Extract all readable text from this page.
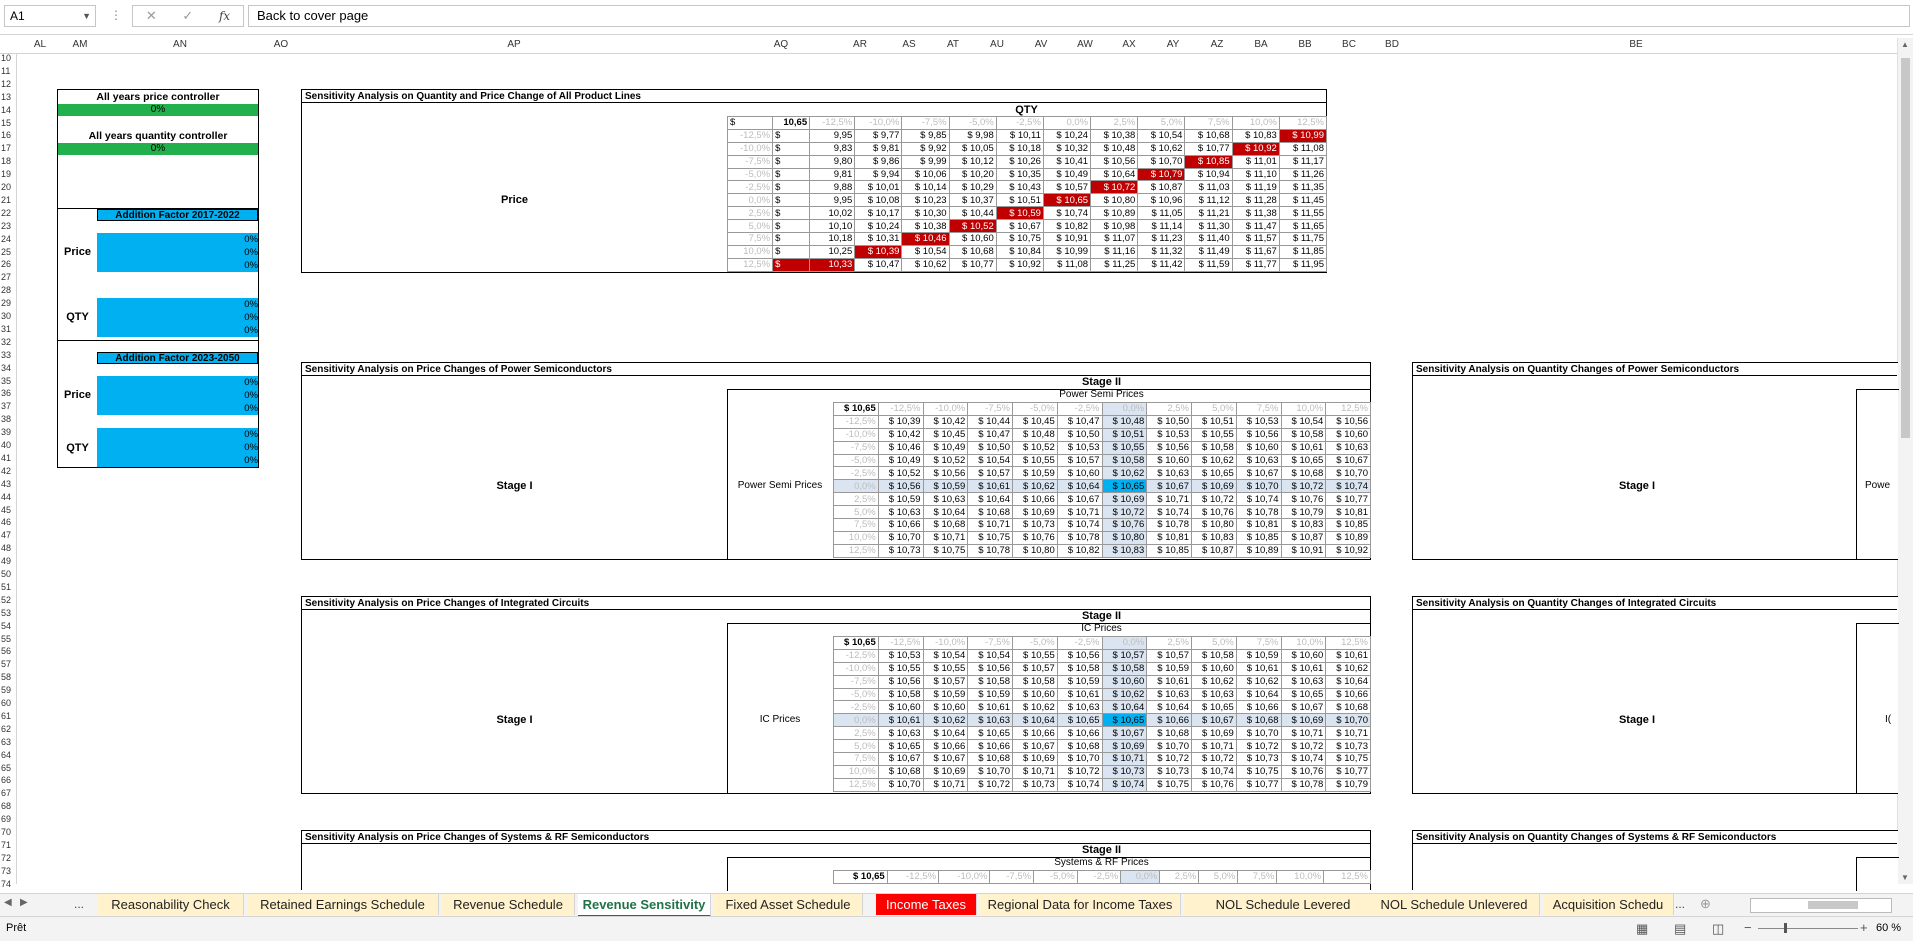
A1	▼ ⋮ ✕ ✓ fx	Back to cover page
AL	AM	AN	AO	AP	AQ	AR	AS	AT	AU	AV	AW	AX	AY	AZ	BA	BB	BC	BD	BE
10
11
12
13
14
15
16
17
18
19
20
21
22
23
24
25
26
27
28
29
30
31
32
33
34
35
36
37
38
39
40
41
42
43
44
45
46
47
48
49
50
51
52
53
54
55
56
57
58
59
60
61
62
63
64
65
66
67
68
69
70
71
72
73
74
▲
▼
All years price controller
0%
All years quantity controller
0%
Addition Factor 2017-2022
Price
0%
0%
0%
QTY
0%
0%
0%
Addition Factor 2023-2050
Price
0%
0%
0%
QTY
0%
0%
0%
Sensitivity Analysis on Quantity and Price Change of All Product Lines
Price
QTY
$	10,65	-12,5%	-10,0%	-7,5%	-5,0%	-2,5%	0,0%	2,5%	5,0%	7,5%	10,0%	12,5%
-12,5%	$	9,95	$ 9,77	$ 9,85	$ 9,98	$ 10,11	$ 10,24	$ 10,38	$ 10,54	$ 10,68	$ 10,83	$ 10,99
-10,0%	$	9,83	$ 9,81	$ 9,92	$ 10,05	$ 10,18	$ 10,32	$ 10,48	$ 10,62	$ 10,77	$ 10,92	$ 11,08
-7,5%	$	9,80	$ 9,86	$ 9,99	$ 10,12	$ 10,26	$ 10,41	$ 10,56	$ 10,70	$ 10,85	$ 11,01	$ 11,17
-5,0%	$	9,81	$ 9,94	$ 10,06	$ 10,20	$ 10,35	$ 10,49	$ 10,64	$ 10,79	$ 10,94	$ 11,10	$ 11,26
-2,5%	$	9,88	$ 10,01	$ 10,14	$ 10,29	$ 10,43	$ 10,57	$ 10,72	$ 10,87	$ 11,03	$ 11,19	$ 11,35
0,0%	$	9,95	$ 10,08	$ 10,23	$ 10,37	$ 10,51	$ 10,65	$ 10,80	$ 10,96	$ 11,12	$ 11,28	$ 11,45
2,5%	$	10,02	$ 10,17	$ 10,30	$ 10,44	$ 10,59	$ 10,74	$ 10,89	$ 11,05	$ 11,21	$ 11,38	$ 11,55
5,0%	$	10,10	$ 10,24	$ 10,38	$ 10,52	$ 10,67	$ 10,82	$ 10,98	$ 11,14	$ 11,30	$ 11,47	$ 11,65
7,5%	$	10,18	$ 10,31	$ 10,46	$ 10,60	$ 10,75	$ 10,91	$ 11,07	$ 11,23	$ 11,40	$ 11,57	$ 11,75
10,0%	$	10,25	$ 10,39	$ 10,54	$ 10,68	$ 10,84	$ 10,99	$ 11,16	$ 11,32	$ 11,49	$ 11,67	$ 11,85
12,5%	$	10,33	$ 10,47	$ 10,62	$ 10,77	$ 10,92	$ 11,08	$ 11,25	$ 11,42	$ 11,59	$ 11,77	$ 11,95
Sensitivity Analysis on Price Changes of Power Semiconductors
Stage I	Power Semi Prices
Stage II
Power Semi Prices
$ 10,65	-12,5%	-10,0%	-7,5%	-5,0%	-2,5%	0,0%	2,5%	5,0%	7,5%	10,0%	12,5%
-12,5%	$ 10,39	$ 10,42	$ 10,44	$ 10,45	$ 10,47	$ 10,48	$ 10,50	$ 10,51	$ 10,53	$ 10,54	$ 10,56
-10,0%	$ 10,42	$ 10,45	$ 10,47	$ 10,48	$ 10,50	$ 10,51	$ 10,53	$ 10,55	$ 10,56	$ 10,58	$ 10,60
-7,5%	$ 10,46	$ 10,49	$ 10,50	$ 10,52	$ 10,53	$ 10,55	$ 10,56	$ 10,58	$ 10,60	$ 10,61	$ 10,63
-5,0%	$ 10,49	$ 10,52	$ 10,54	$ 10,55	$ 10,57	$ 10,58	$ 10,60	$ 10,62	$ 10,63	$ 10,65	$ 10,67
-2,5%	$ 10,52	$ 10,56	$ 10,57	$ 10,59	$ 10,60	$ 10,62	$ 10,63	$ 10,65	$ 10,67	$ 10,68	$ 10,70
0,0%	$ 10,56	$ 10,59	$ 10,61	$ 10,62	$ 10,64	$ 10,65	$ 10,67	$ 10,69	$ 10,70	$ 10,72	$ 10,74
2,5%	$ 10,59	$ 10,63	$ 10,64	$ 10,66	$ 10,67	$ 10,69	$ 10,71	$ 10,72	$ 10,74	$ 10,76	$ 10,77
5,0%	$ 10,63	$ 10,64	$ 10,68	$ 10,69	$ 10,71	$ 10,72	$ 10,74	$ 10,76	$ 10,78	$ 10,79	$ 10,81
7,5%	$ 10,66	$ 10,68	$ 10,71	$ 10,73	$ 10,74	$ 10,76	$ 10,78	$ 10,80	$ 10,81	$ 10,83	$ 10,85
10,0%	$ 10,70	$ 10,71	$ 10,75	$ 10,76	$ 10,78	$ 10,80	$ 10,81	$ 10,83	$ 10,85	$ 10,87	$ 10,89
12,5%	$ 10,73	$ 10,75	$ 10,78	$ 10,80	$ 10,82	$ 10,83	$ 10,85	$ 10,87	$ 10,89	$ 10,91	$ 10,92
Sensitivity Analysis on Price Changes of Integrated Circuits
Stage I	IC Prices
Stage II
IC Prices
$ 10,65	-12,5%	-10,0%	-7,5%	-5,0%	-2,5%	0,0%	2,5%	5,0%	7,5%	10,0%	12,5%
-12,5%	$ 10,53	$ 10,54	$ 10,54	$ 10,55	$ 10,56	$ 10,57	$ 10,57	$ 10,58	$ 10,59	$ 10,60	$ 10,61
-10,0%	$ 10,55	$ 10,55	$ 10,56	$ 10,57	$ 10,58	$ 10,58	$ 10,59	$ 10,60	$ 10,61	$ 10,61	$ 10,62
-7,5%	$ 10,56	$ 10,57	$ 10,58	$ 10,58	$ 10,59	$ 10,60	$ 10,61	$ 10,62	$ 10,62	$ 10,63	$ 10,64
-5,0%	$ 10,58	$ 10,59	$ 10,59	$ 10,60	$ 10,61	$ 10,62	$ 10,63	$ 10,63	$ 10,64	$ 10,65	$ 10,66
-2,5%	$ 10,60	$ 10,60	$ 10,61	$ 10,62	$ 10,63	$ 10,64	$ 10,64	$ 10,65	$ 10,66	$ 10,67	$ 10,68
0,0%	$ 10,61	$ 10,62	$ 10,63	$ 10,64	$ 10,65	$ 10,65	$ 10,66	$ 10,67	$ 10,68	$ 10,69	$ 10,70
2,5%	$ 10,63	$ 10,64	$ 10,65	$ 10,66	$ 10,66	$ 10,67	$ 10,68	$ 10,69	$ 10,70	$ 10,71	$ 10,71
5,0%	$ 10,65	$ 10,66	$ 10,66	$ 10,67	$ 10,68	$ 10,69	$ 10,70	$ 10,71	$ 10,72	$ 10,72	$ 10,73
7,5%	$ 10,67	$ 10,67	$ 10,68	$ 10,69	$ 10,70	$ 10,71	$ 10,72	$ 10,72	$ 10,73	$ 10,74	$ 10,75
10,0%	$ 10,68	$ 10,69	$ 10,70	$ 10,71	$ 10,72	$ 10,73	$ 10,73	$ 10,74	$ 10,75	$ 10,76	$ 10,77
12,5%	$ 10,70	$ 10,71	$ 10,72	$ 10,73	$ 10,74	$ 10,74	$ 10,75	$ 10,76	$ 10,77	$ 10,78	$ 10,79
Sensitivity Analysis on Price Changes of Systems & RF Semiconductors
Stage II
Systems & RF Prices
$ 10,65	-12,5%	-10,0%	-7,5%	-5,0%	-2,5%	0,0%	2,5%	5,0%	7,5%	10,0%	12,5%
Sensitivity Analysis on Quantity Changes of Power Semiconductors
Stage I	Powe
Sensitivity Analysis on Quantity Changes of Integrated Circuits
Stage I	I(
Sensitivity Analysis on Quantity Changes of Systems & RF Semiconductors
◀ ▶	...	Reasonability Check	Retained Earnings Schedule	Revenue Schedule	Revenue Sensitivity	Fixed Asset Schedule	Income Taxes	Regional Data for Income Taxes	NOL Schedule Levered	NOL Schedule Unlevered	Acquisition Schedu ... ⊕
Prêt	▦ ▤ ◫ −	+ 60 %
